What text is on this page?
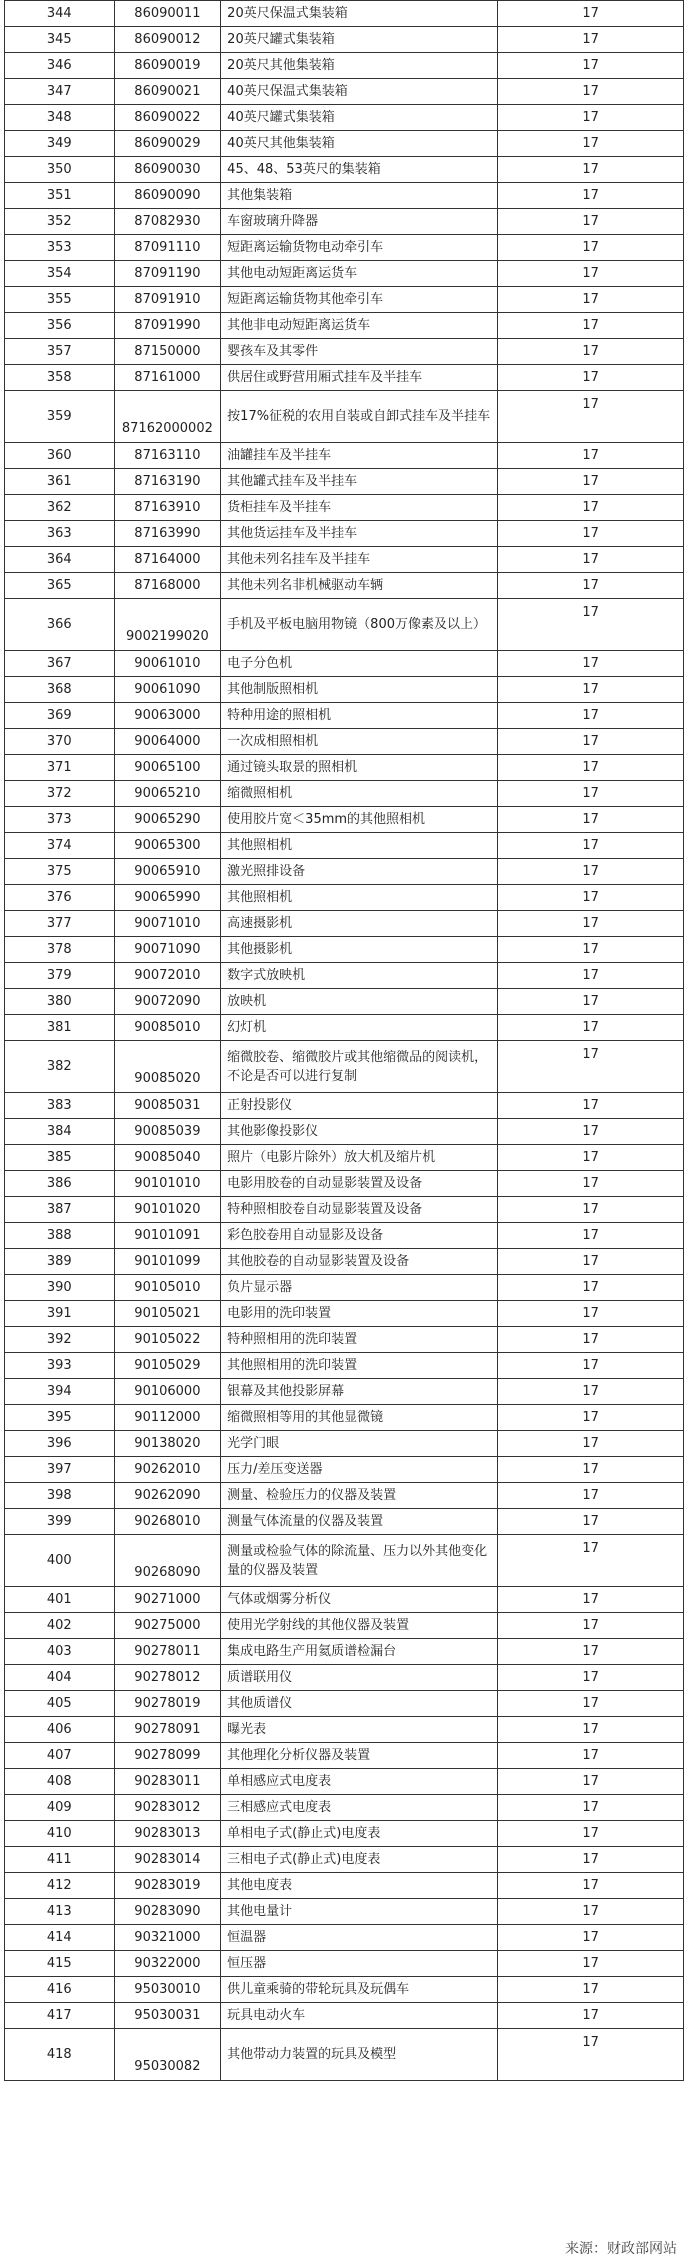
344	86090011	20英尺保温式集装箱	17
345	86090012	20英尺罐式集装箱	17
346	86090019	20英尺其他集装箱	17
347	86090021	40英尺保温式集装箱	17
348	86090022	40英尺罐式集装箱	17
349	86090029	40英尺其他集装箱	17
350	86090030	45、48、53英尺的集装箱	17
351	86090090	其他集装箱	17
352	87082930	车窗玻璃升降器	17
353	87091110	短距离运输货物电动牵引车	17
354	87091190	其他电动短距离运货车	17
355	87091910	短距离运输货物其他牵引车	17
356	87091990	其他非电动短距离运货车	17
357	87150000	婴孩车及其零件	17
358	87161000	供居住或野营用厢式挂车及半挂车	17
359	87162000002	按17%征税的农用自装或自卸式挂车及半挂车	17
360	87163110	油罐挂车及半挂车	17
361	87163190	其他罐式挂车及半挂车	17
362	87163910	货柜挂车及半挂车	17
363	87163990	其他货运挂车及半挂车	17
364	87164000	其他未列名挂车及半挂车	17
365	87168000	其他未列名非机械驱动车辆	17
366	9002199020	手机及平板电脑用物镜（800万像素及以上）	17
367	90061010	电子分色机	17
368	90061090	其他制版照相机	17
369	90063000	特种用途的照相机	17
370	90064000	一次成相照相机	17
371	90065100	通过镜头取景的照相机	17
372	90065210	缩微照相机	17
373	90065290	使用胶片宽＜35mm的其他照相机	17
374	90065300	其他照相机	17
375	90065910	激光照排设备	17
376	90065990	其他照相机	17
377	90071010	高速摄影机	17
378	90071090	其他摄影机	17
379	90072010	数字式放映机	17
380	90072090	放映机	17
381	90085010	幻灯机	17
382	90085020	缩微胶卷、缩微胶片或其他缩微品的阅读机，不论是否可以进行复制	17
383	90085031	正射投影仪	17
384	90085039	其他影像投影仪	17
385	90085040	照片（电影片除外）放大机及缩片机	17
386	90101010	电影用胶卷的自动显影装置及设备	17
387	90101020	特种照相胶卷自动显影装置及设备	17
388	90101091	彩色胶卷用自动显影及设备	17
389	90101099	其他胶卷的自动显影装置及设备	17
390	90105010	负片显示器	17
391	90105021	电影用的洗印装置	17
392	90105022	特种照相用的洗印装置	17
393	90105029	其他照相用的洗印装置	17
394	90106000	银幕及其他投影屏幕	17
395	90112000	缩微照相等用的其他显微镜	17
396	90138020	光学门眼	17
397	90262010	压力/差压变送器	17
398	90262090	测量、检验压力的仪器及装置	17
399	90268010	测量气体流量的仪器及装置	17
400	90268090	测量或检验气体的除流量、压力以外其他变化量的仪器及装置	17
401	90271000	气体或烟雾分析仪	17
402	90275000	使用光学射线的其他仪器及装置	17
403	90278011	集成电路生产用氦质谱检漏台	17
404	90278012	质谱联用仪	17
405	90278019	其他质谱仪	17
406	90278091	曝光表	17
407	90278099	其他理化分析仪器及装置	17
408	90283011	单相感应式电度表	17
409	90283012	三相感应式电度表	17
410	90283013	单相电子式(静止式)电度表	17
411	90283014	三相电子式(静止式)电度表	17
412	90283019	其他电度表	17
413	90283090	其他电量计	17
414	90321000	恒温器	17
415	90322000	恒压器	17
416	95030010	供儿童乘骑的带轮玩具及玩偶车	17
417	95030031	玩具电动火车	17
418	95030082	其他带动力装置的玩具及模型	17
来源：财政部网站
